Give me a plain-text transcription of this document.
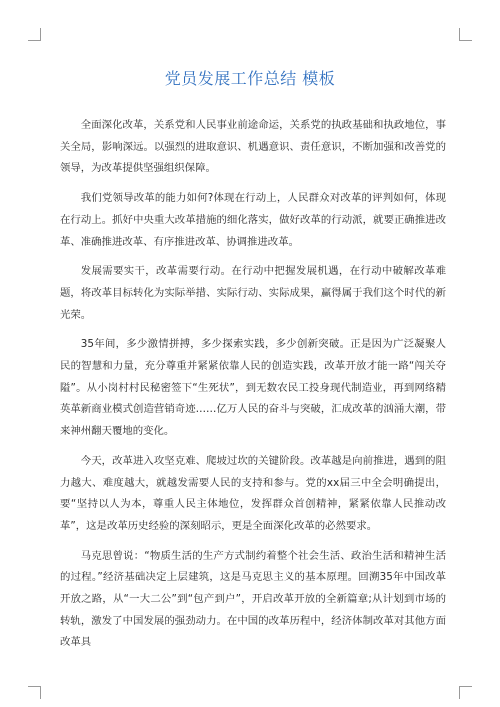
党员发展工作总结 模板

全面深化改革，关系党和人民事业前途命运，关系党的执政基础和执政地位，事关全局，影响深远。以强烈的进取意识、机遇意识、责任意识，不断加强和改善党的领导，为改革提供坚强组织保障。

我们党领导改革的能力如何?体现在行动上，人民群众对改革的评判如何，体现在行动上。抓好中央重大改革措施的细化落实，做好改革的行动派，就要正确推进改革、准确推进改革、有序推进改革、协调推进改革。

发展需要实干，改革需要行动。在行动中把握发展机遇，在行动中破解改革难题，将改革目标转化为实际举措、实际行动、实际成果，赢得属于我们这个时代的新光荣。

35年间，多少激情拼搏，多少探索实践，多少创新突破。正是因为广泛凝聚人民的智慧和力量，充分尊重并紧紧依靠人民的创造实践，改革开放才能一路“闯关夺隘”。从小岗村村民秘密签下“生死状”，到无数农民工投身现代制造业，再到网络精英革新商业模式创造营销奇迹……亿万人民的奋斗与突破，汇成改革的汹涌大潮，带来神州翻天覆地的变化。

今天，改革进入攻坚克难、爬坡过坎的关键阶段。改革越是向前推进，遇到的阻力越大、难度越大，就越发需要人民的支持和参与。党的xx届三中全会明确提出，要“坚持以人为本，尊重人民主体地位，发挥群众首创精神，紧紧依靠人民推动改革”，这是改革历史经验的深刻昭示，更是全面深化改革的必然要求。

马克思曾说：“物质生活的生产方式制约着整个社会生活、政治生活和精神生活的过程。”经济基础决定上层建筑，这是马克思主义的基本原理。回溯35年中国改革开放之路，从“一大二公”到“包产到户”，开启改革开放的全新篇章;从计划到市场的转轨，激发了中国发展的强劲动力。在中国的改革历程中，经济体制改革对其他方面改革具
